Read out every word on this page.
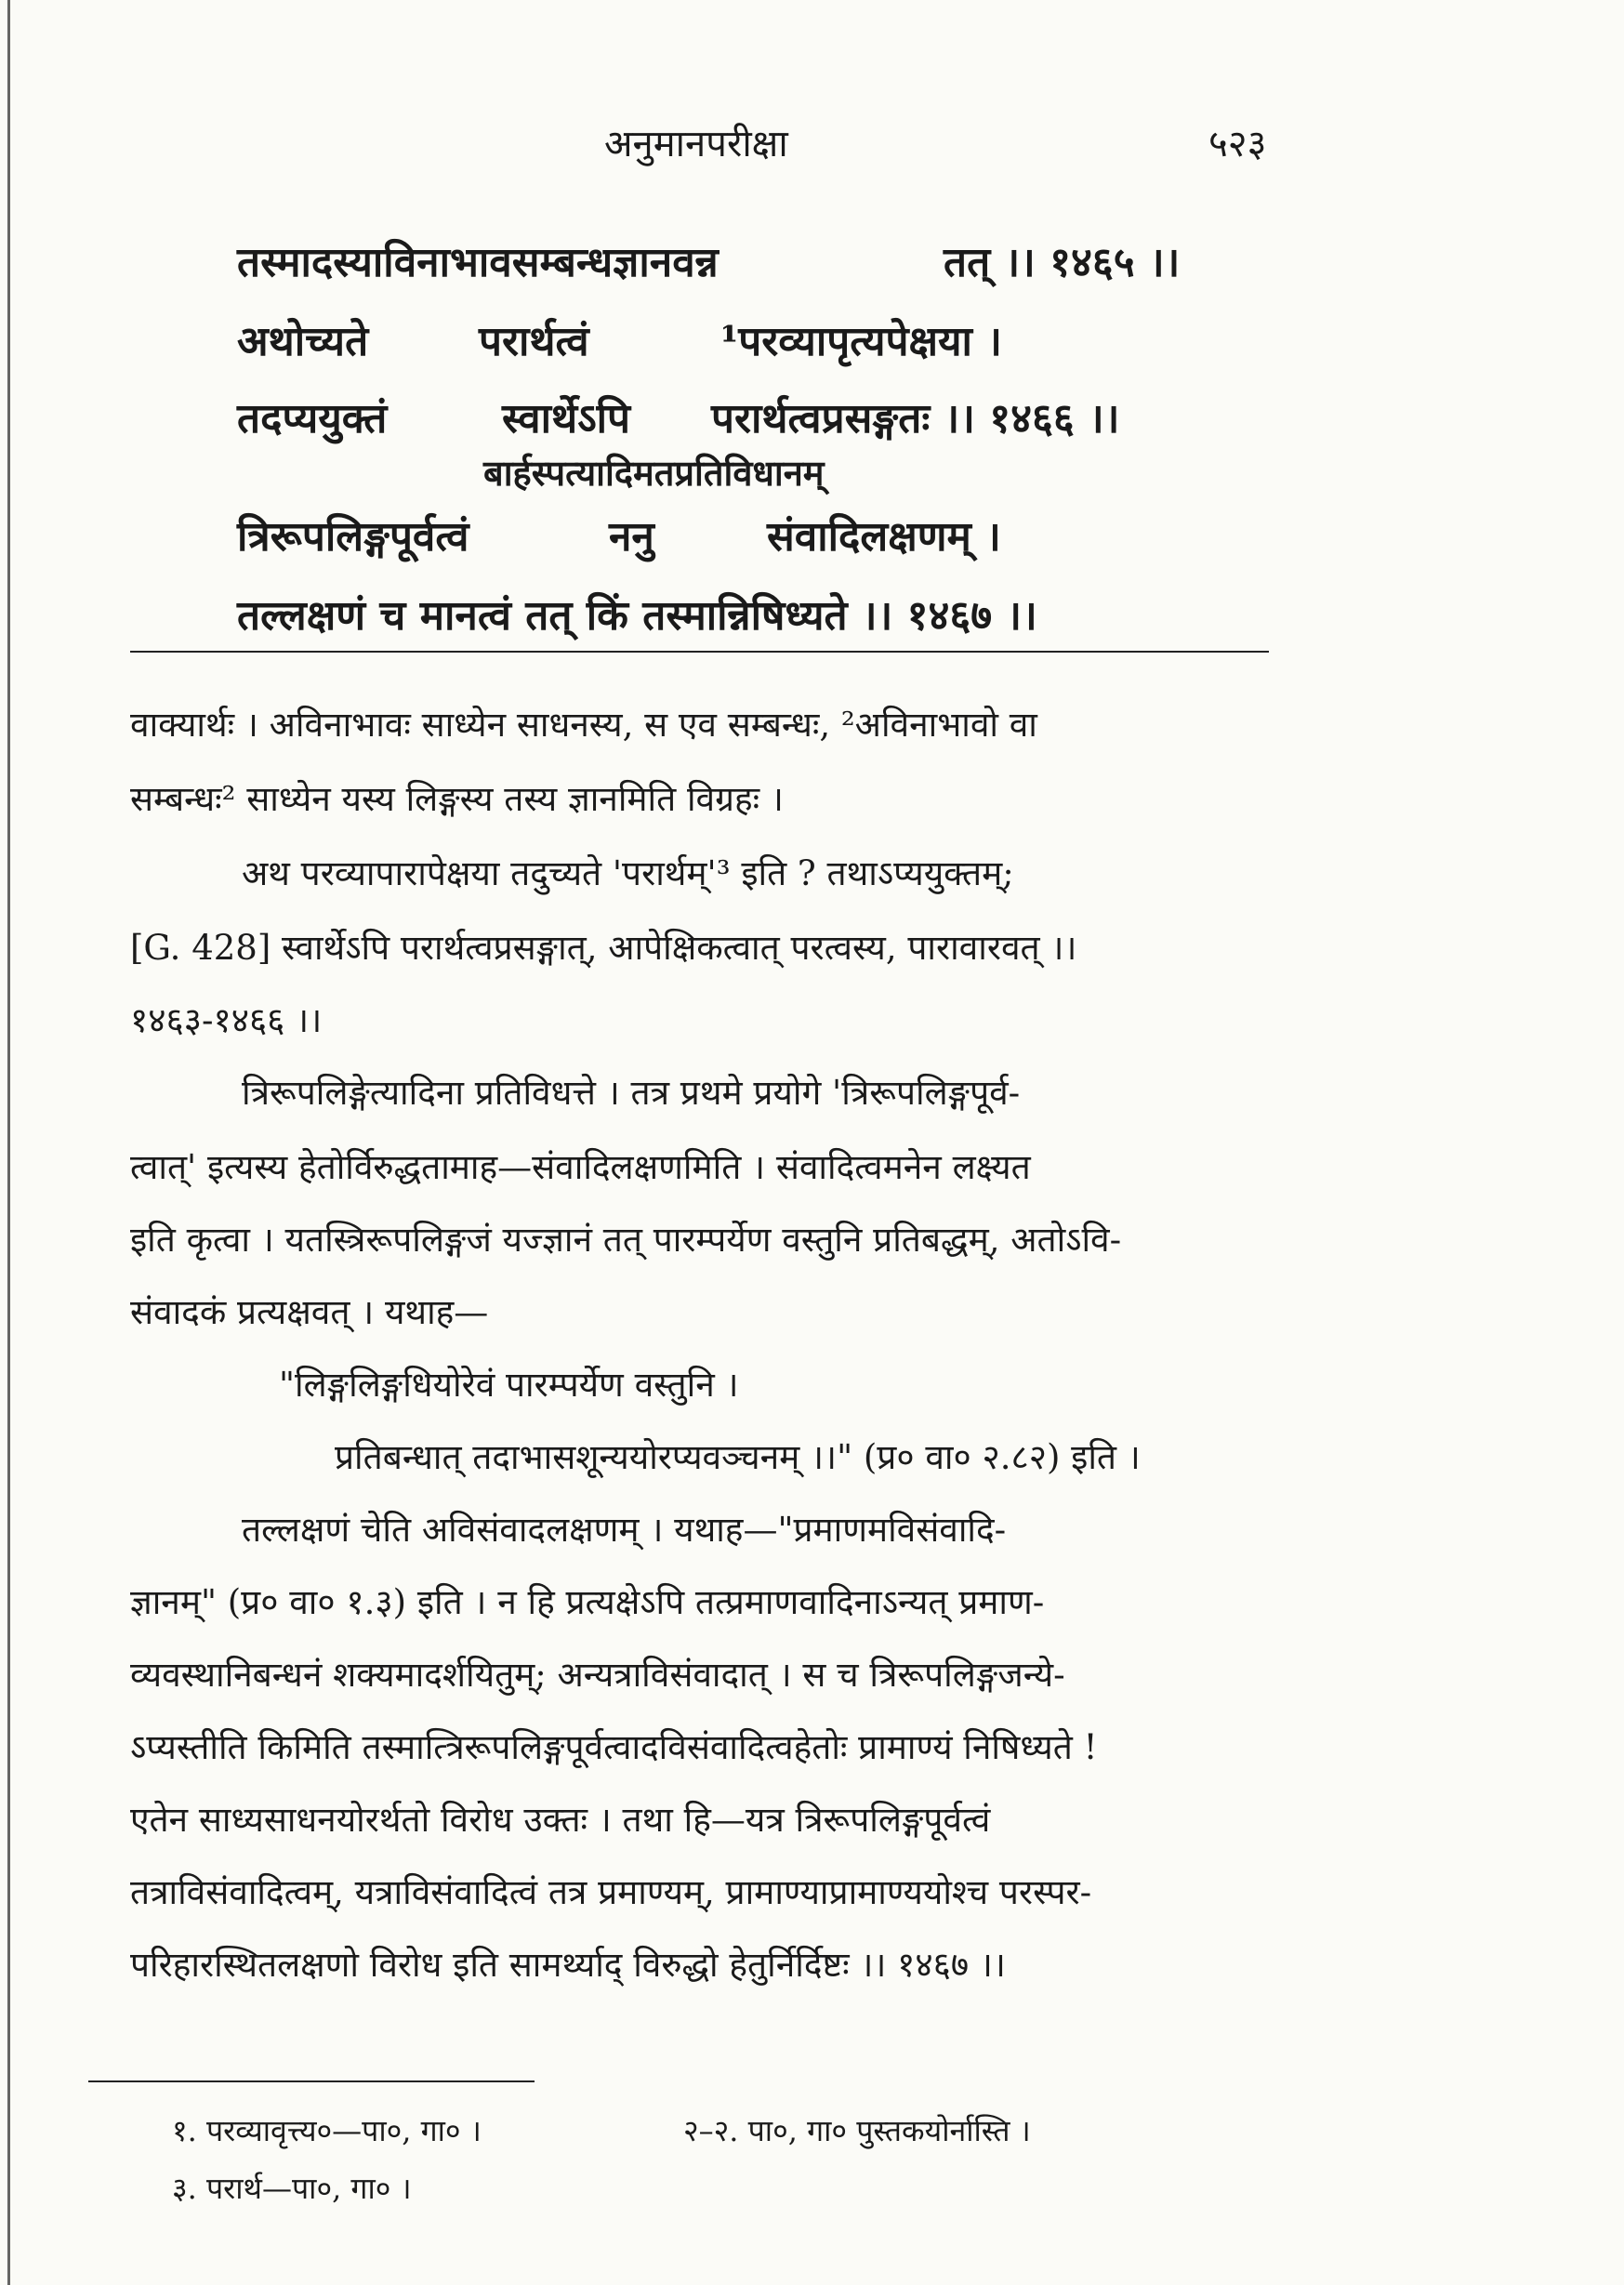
अनुमानपरीक्षा	५२३
तस्मादस्याविनाभावसम्बन्धज्ञानवन्न	तत् ।। १४६५ ।।
अथोच्यते	परार्थत्वं	¹परव्यापृत्यपेक्षया ।
तदप्ययुक्तं	स्वार्थेऽपि परार्थत्वप्रसङ्गतः ।। १४६६ ।।
बार्हस्पत्यादिमतप्रतिविधानम्
त्रिरूपलिङ्गपूर्वत्वं	ननु	संवादिलक्षणम् ।
तल्लक्षणं च मानत्वं तत् किं तस्मान्निषिध्यते ।। १४६७ ।।
वाक्यार्थः । अविनाभावः साध्येन साधनस्य, स एव सम्बन्धः, ²अविनाभावो वा
सम्बन्धः² साध्येन यस्य लिङ्गस्य तस्य ज्ञानमिति विग्रहः ।
अथ परव्यापारापेक्षया तदुच्यते 'परार्थम्'³ इति ? तथाऽप्ययुक्तम्;
[G. 428] स्वार्थेऽपि परार्थत्वप्रसङ्गात्, आपेक्षिकत्वात् परत्वस्य, पारावारवत् ।।
१४६३-१४६६ ।।
त्रिरूपलिङ्गेत्यादिना प्रतिविधत्ते । तत्र प्रथमे प्रयोगे 'त्रिरूपलिङ्गपूर्व-
त्वात्' इत्यस्य हेतोर्विरुद्धतामाह—संवादिलक्षणमिति । संवादित्वमनेन लक्ष्यत
इति कृत्वा । यतस्त्रिरूपलिङ्गजं यज्ज्ञानं तत् पारम्पर्येण वस्तुनि प्रतिबद्धम्, अतोऽवि-
संवादकं प्रत्यक्षवत् । यथाह—
"लिङ्गलिङ्गधियोरेवं पारम्पर्येण वस्तुनि ।
प्रतिबन्धात् तदाभासशून्ययोरप्यवञ्चनम् ।।" (प्र० वा० २.८२) इति ।
तल्लक्षणं चेति अविसंवादलक्षणम् । यथाह—"प्रमाणमविसंवादि-
ज्ञानम्" (प्र० वा० १.३) इति । न हि प्रत्यक्षेऽपि तत्प्रमाणवादिनाऽन्यत् प्रमाण-
व्यवस्थानिबन्धनं शक्यमादर्शयितुम्; अन्यत्राविसंवादात् । स च त्रिरूपलिङ्गजन्ये-
ऽप्यस्तीति किमिति तस्मात्त्रिरूपलिङ्गपूर्वत्वादविसंवादित्वहेतोः प्रामाण्यं निषिध्यते !
एतेन साध्यसाधनयोरर्थतो विरोध उक्तः । तथा हि—यत्र त्रिरूपलिङ्गपूर्वत्वं
तत्राविसंवादित्वम्, यत्राविसंवादित्वं तत्र प्रमाण्यम्, प्रामाण्याप्रामाण्ययोश्च परस्पर-
परिहारस्थितलक्षणो विरोध इति सामर्थ्याद् विरुद्धो हेतुर्निर्दिष्टः ।। १४६७ ।।
१. परव्यावृत्त्य०—पा०, गा० ।	२–२. पा०, गा० पुस्तकयोर्नास्ति ।
३. परार्थ—पा०, गा० ।
